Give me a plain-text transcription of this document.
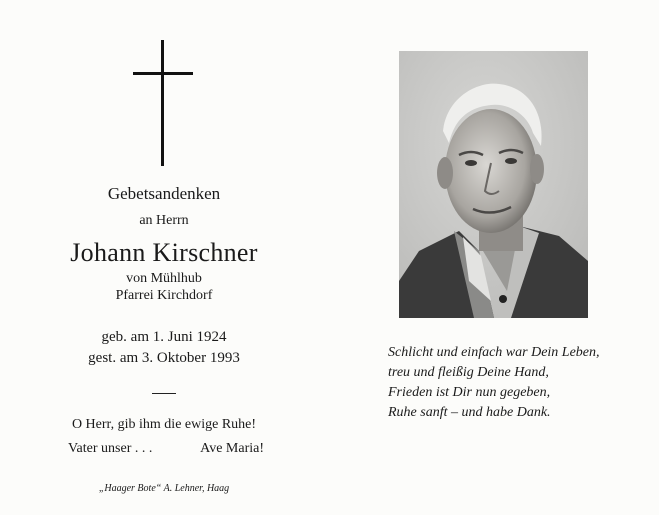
Gebetsandenken
an Herrn
Johann Kirschner
von Mühlhub
Pfarrei Kirchdorf
geb. am 1. Juni 1924
gest. am 3. Oktober 1993
O Herr, gib ihm die ewige Ruhe!
Vater unser . . .	Ave Maria!
„Haager Bote“ A. Lehner, Haag
Schlicht und einfach war Dein Leben,
treu und fleißig Deine Hand,
Frieden ist Dir nun gegeben,
Ruhe sanft – und habe Dank.
